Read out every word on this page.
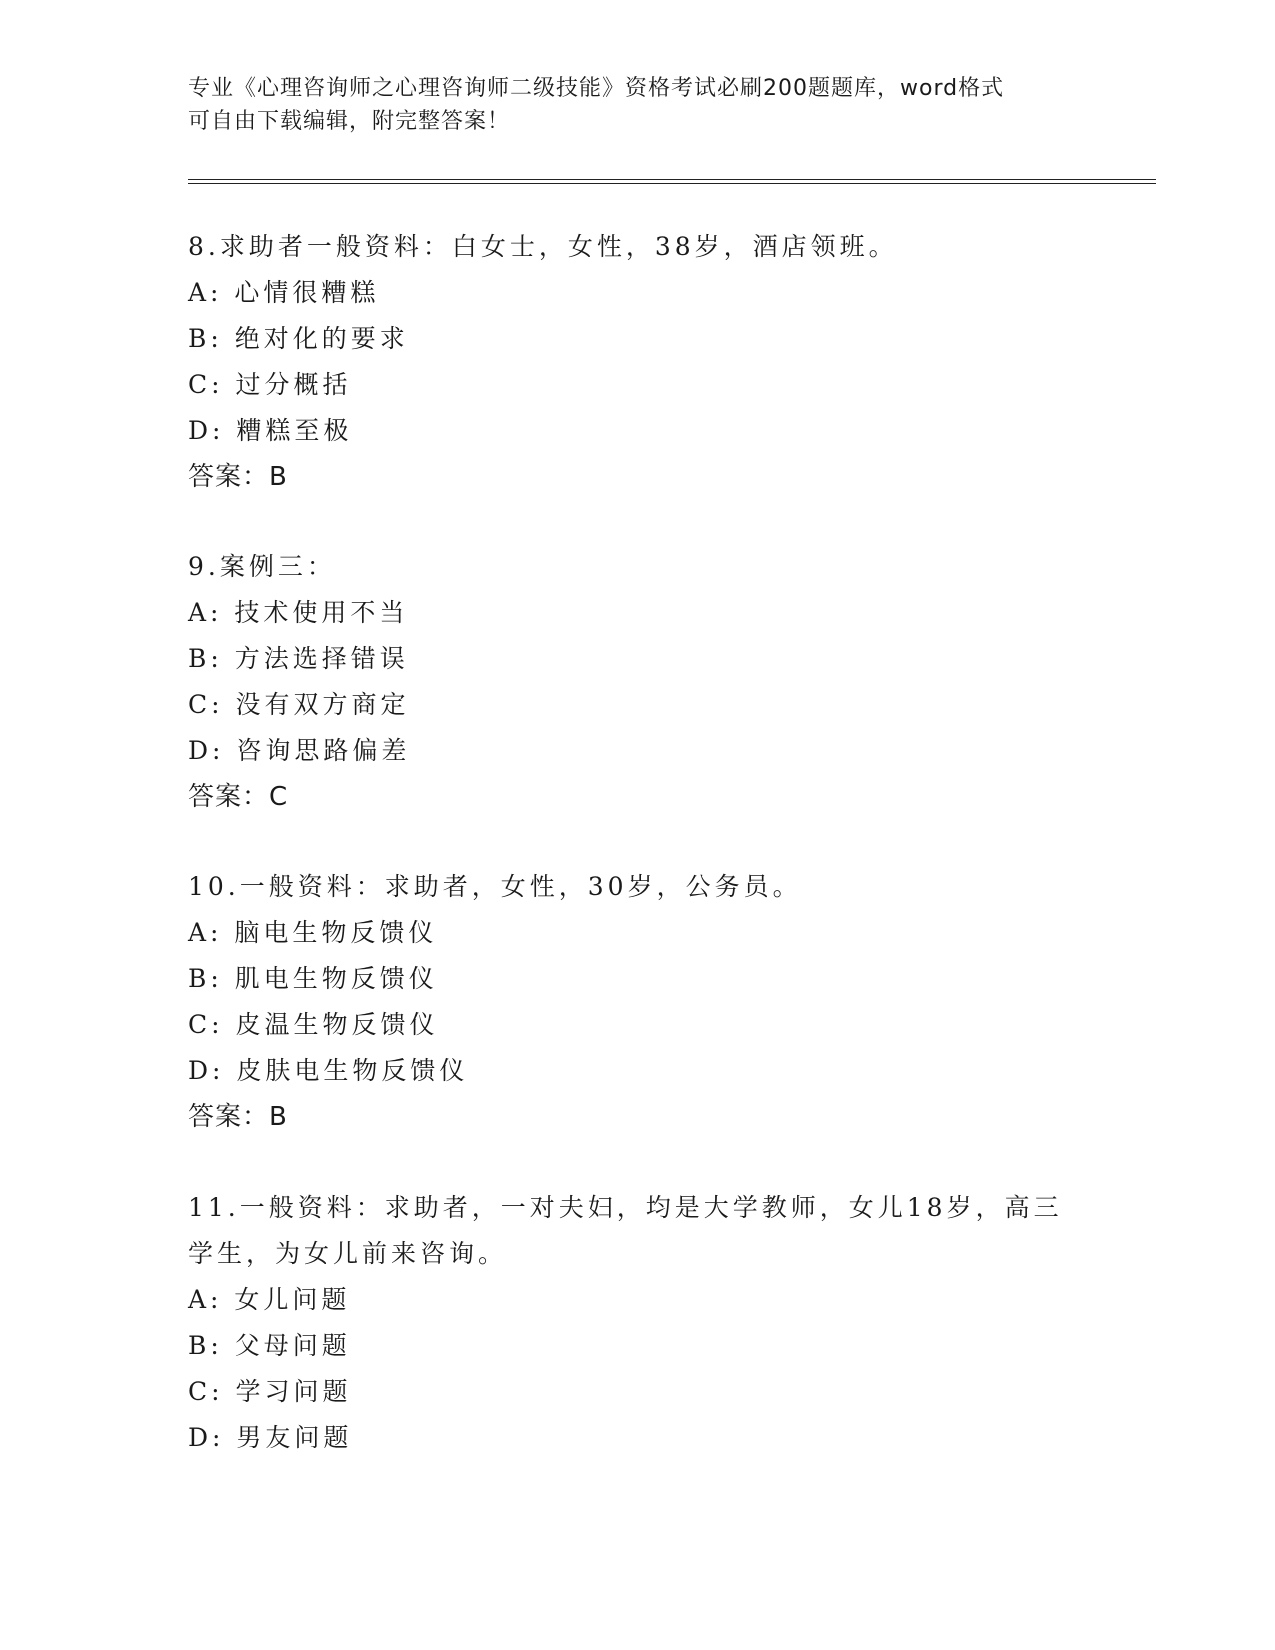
专业《心理咨询师之心理咨询师二级技能》资格考试必刷200题题库，word格式
可自由下载编辑，附完整答案！
8.求助者一般资料：白女士，女性，38岁，酒店领班。
A: 心情很糟糕
B: 绝对化的要求
C: 过分概括
D: 糟糕至极
答案：B
9.案例三：
A: 技术使用不当
B: 方法选择错误
C: 没有双方商定
D: 咨询思路偏差
答案：C
10.一般资料：求助者，女性，30岁，公务员。
A: 脑电生物反馈仪
B: 肌电生物反馈仪
C: 皮温生物反馈仪
D: 皮肤电生物反馈仪
答案：B
11.一般资料：求助者，一对夫妇，均是大学教师，女儿18岁，高三
学生，为女儿前来咨询。
A: 女儿问题
B: 父母问题
C: 学习问题
D: 男友问题
